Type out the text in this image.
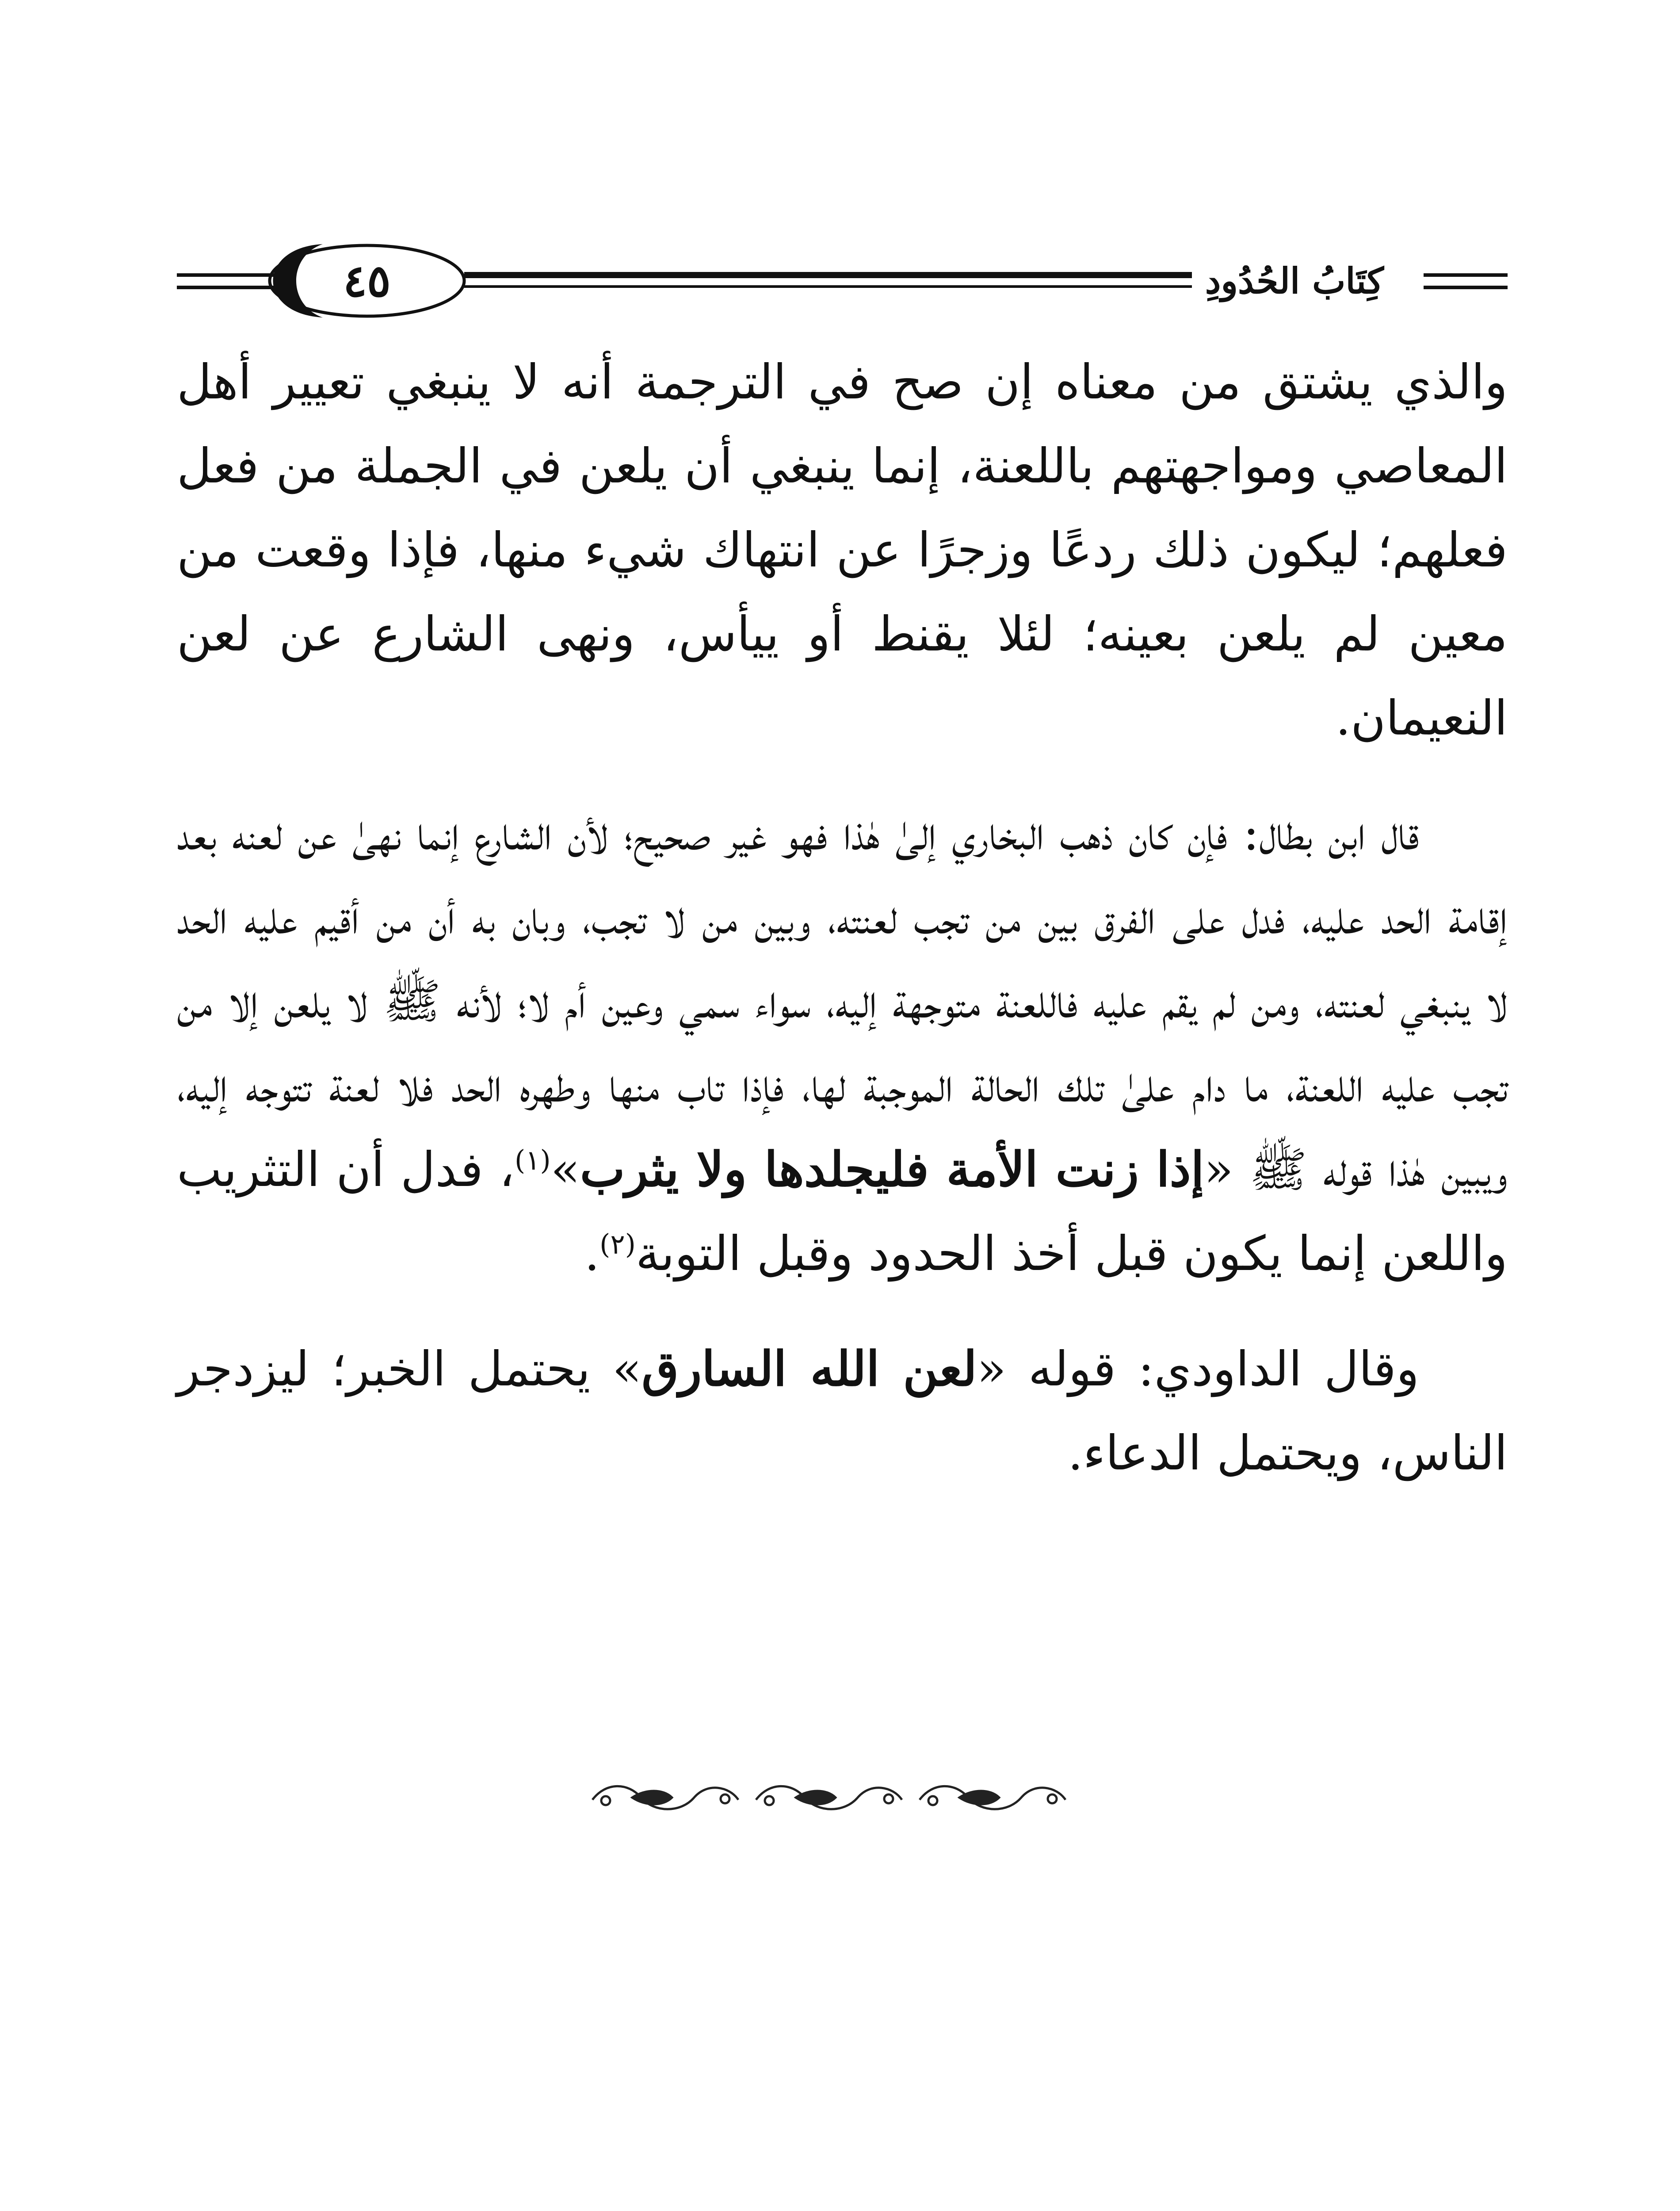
٤٥	كِتَابُ الحُدُودِ

والذي يشتق من معناه إن صح في الترجمة أنه لا ينبغي تعيير أهل المعاصي ومواجهتهم باللعنة، إنما ينبغي أن يلعن في الجملة من فعل فعلهم؛ ليكون ذلك ردعًا وزجرًا عن انتهاك شيء منها، فإذا وقعت من معين لم يلعن بعينه؛ لئلا يقنط أو ييأس، ونهى الشارع عن لعن النعيمان.

قال ابن بطال: فإن كان ذهب البخاري إلىٰ هٰذا فهو غير صحيح؛ لأن الشارع إنما نهىٰ عن لعنه بعد إقامة الحد عليه، فدل على الفرق بين من تجب لعنته، وبين من لا تجب، وبان به أن من أقيم عليه الحد لا ينبغي لعنته، ومن لم يقم عليه فاللعنة متوجهة إليه، سواء سمي وعين أم لا؛ لأنه ﷺ لا يلعن إلا من تجب عليه اللعنة، ما دام علىٰ تلك الحالة الموجبة لها، فإذا تاب منها وطهره الحد فلا لعنة تتوجه إليه، ويبين هٰذا قوله ﷺ «إذا زنت الأمة فليجلدها ولا يثرب»$^{(١)}$، فدل أن التثريب واللعن إنما يكون قبل أخذ الحدود وقبل التوبة$^{(٢)}$.

وقال الداودي: قوله «لعن الله السارق» يحتمل الخبر؛ ليزدجر الناس، ويحتمل الدعاء.
